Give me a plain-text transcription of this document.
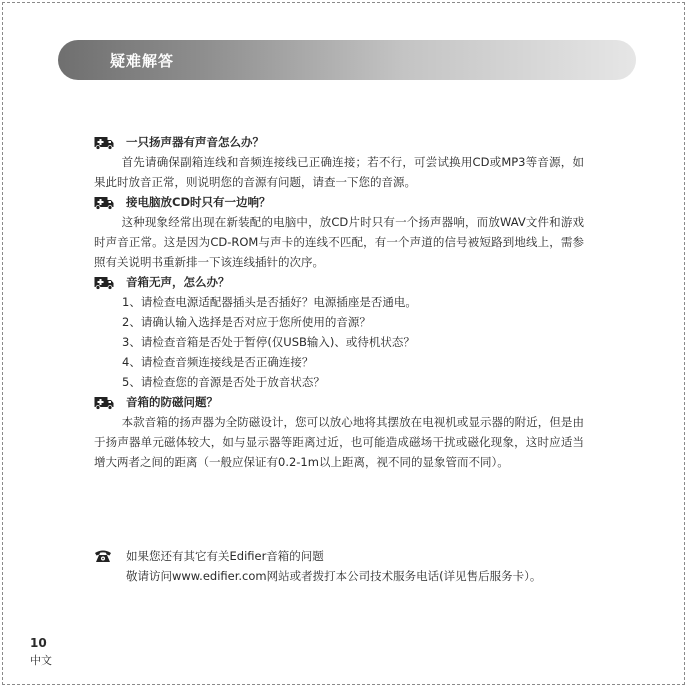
疑难解答
一只扬声器有声音怎么办？

首先请确保副箱连线和音频连接线已正确连接；若不行，可尝试换用CD或MP3等音源，如果此时放音正常，则说明您的音源有问题，请查一下您的音源。

接电脑放CD时只有一边响？

这种现象经常出现在新装配的电脑中，放CD片时只有一个扬声器响，而放WAV文件和游戏时声音正常。这是因为CD-ROM与声卡的连线不匹配，有一个声道的信号被短路到地线上，需参照有关说明书重新排一下该连线插针的次序。

音箱无声，怎么办？
1、请检查电源适配器插头是否插好？电源插座是否通电。
2、请确认输入选择是否对应于您所使用的音源？
3、请检查音箱是否处于暂停(仅USB输入)、或待机状态？
4、请检查音频连接线是否正确连接？
5、请检查您的音源是否处于放音状态？
音箱的防磁问题？

本款音箱的扬声器为全防磁设计，您可以放心地将其摆放在电视机或显示器的附近，但是由于扬声器单元磁体较大，如与显示器等距离过近，也可能造成磁场干扰或磁化现象，这时应适当增大两者之间的距离（一般应保证有0.2-1m以上距离，视不同的显象管而不同）。

如果您还有其它有关Edifier音箱的问题
敬请访问www.edifier.com网站或者拨打本公司技术服务电话(详见售后服务卡）。
10
中文
